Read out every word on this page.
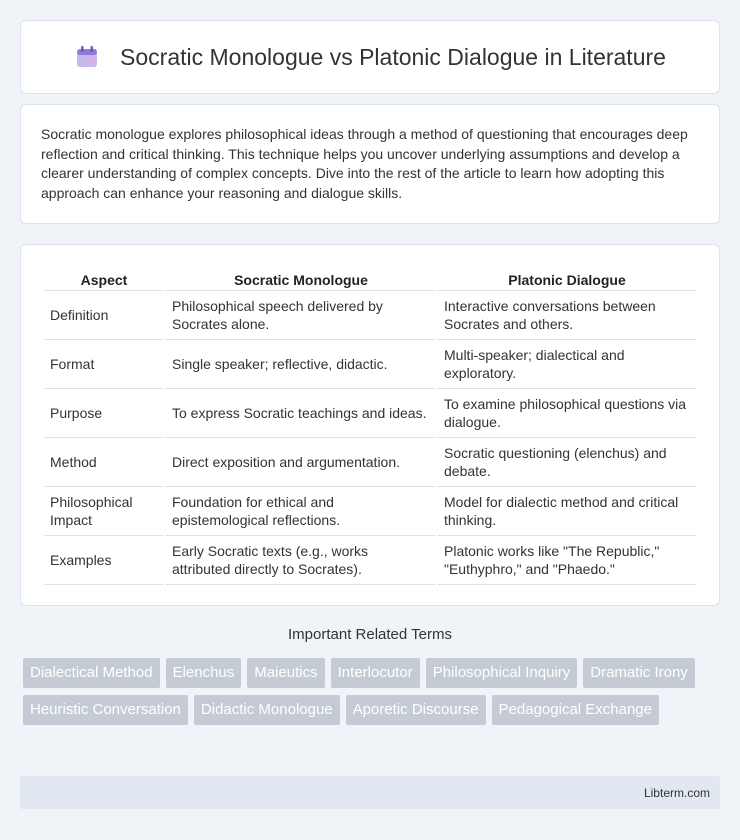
Socratic Monologue vs Platonic Dialogue in Literature

Socratic monologue explores philosophical ideas through a method of questioning that encourages deep reflection and critical thinking. This technique helps you uncover underlying assumptions and develop a clearer understanding of complex concepts. Dive into the rest of the article to learn how adopting this approach can enhance your reasoning and dialogue skills.

Aspect	Socratic Monologue	Platonic Dialogue
Definition	Philosophical speech delivered by Socrates alone.	Interactive conversations between Socrates and others.
Format	Single speaker; reflective, didactic.	Multi-speaker; dialectical and exploratory.
Purpose	To express Socratic teachings and ideas.	To examine philosophical questions via dialogue.
Method	Direct exposition and argumentation.	Socratic questioning (elenchus) and debate.
Philosophical Impact	Foundation for ethical and epistemological reflections.	Model for dialectic method and critical thinking.
Examples	Early Socratic texts (e.g., works attributed directly to Socrates).	Platonic works like "The Republic," "Euthyphro," and "Phaedo."
Important Related Terms
Dialectical Method	Elenchus	Maieutics	Interlocutor	Philosophical Inquiry	Dramatic Irony
Heuristic Conversation	Didactic Monologue	Aporetic Discourse	Pedagogical Exchange
Libterm.com
